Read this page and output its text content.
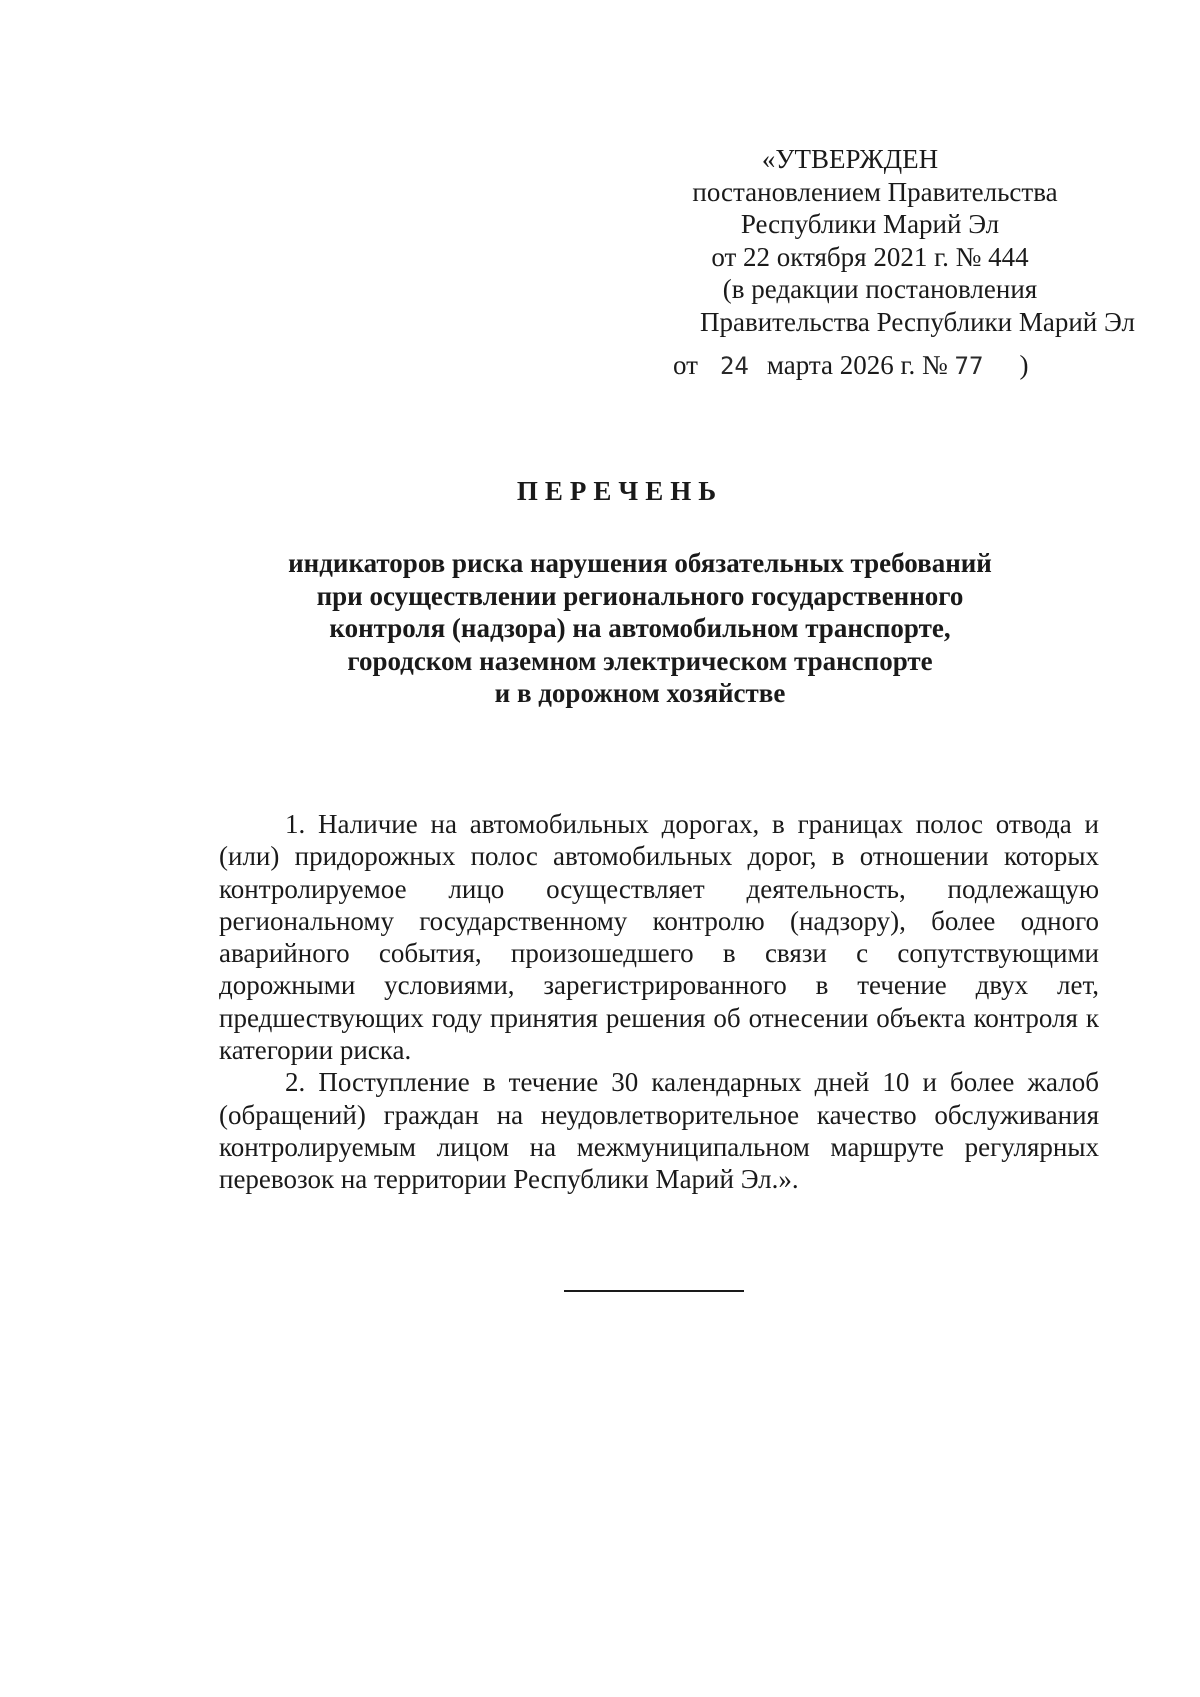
«УТВЕРЖДЕН
постановлением Правительства
Республики Марий Эл
от 22 октября 2021 г. № 444
(в редакции постановления
Правительства Республики Марий Эл
от 24 марта 2026 г. № 77 )
ПЕРЕЧЕНЬ
индикаторов риска нарушения обязательных требований
при осуществлении регионального государственного
контроля (надзора) на автомобильном транспорте,
городском наземном электрическом транспорте
и в дорожном хозяйстве

1. Наличие на автомобильных дорогах, в границах полос отвода и (или) придорожных полос автомобильных дорог, в отношении которых контролируемое лицо осуществляет деятельность, подлежащую региональному государственному контролю (надзору), более одного аварийного события, произошедшего в связи с сопутствующими дорожными условиями, зарегистрированного в течение двух лет, предшествующих году принятия решения об отнесении объекта контроля к категории риска.

2. Поступление в течение 30 календарных дней 10 и более жалоб (обращений) граждан на неудовлетворительное качество обслуживания контролируемым лицом на межмуниципальном маршруте регулярных перевозок на территории Республики Марий Эл.».
